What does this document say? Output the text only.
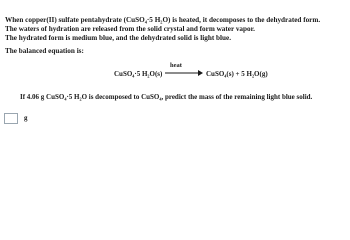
When copper(II) sulfate pentahydrate (CuSO₄·5 H₂O) is heated, it decomposes to the dehydrated form.
The waters of hydration are released from the solid crystal and form water vapor.
The hydrated form is medium blue, and the dehydrated solid is light blue.
The balanced equation is:
CuSO₄·5 H₂O(s)
heat
CuSO₄(s) + 5 H₂O(g)
If 4.06 g CuSO₄·5 H₂O is decomposed to CuSO₄, predict the mass of the remaining light blue solid.
g
